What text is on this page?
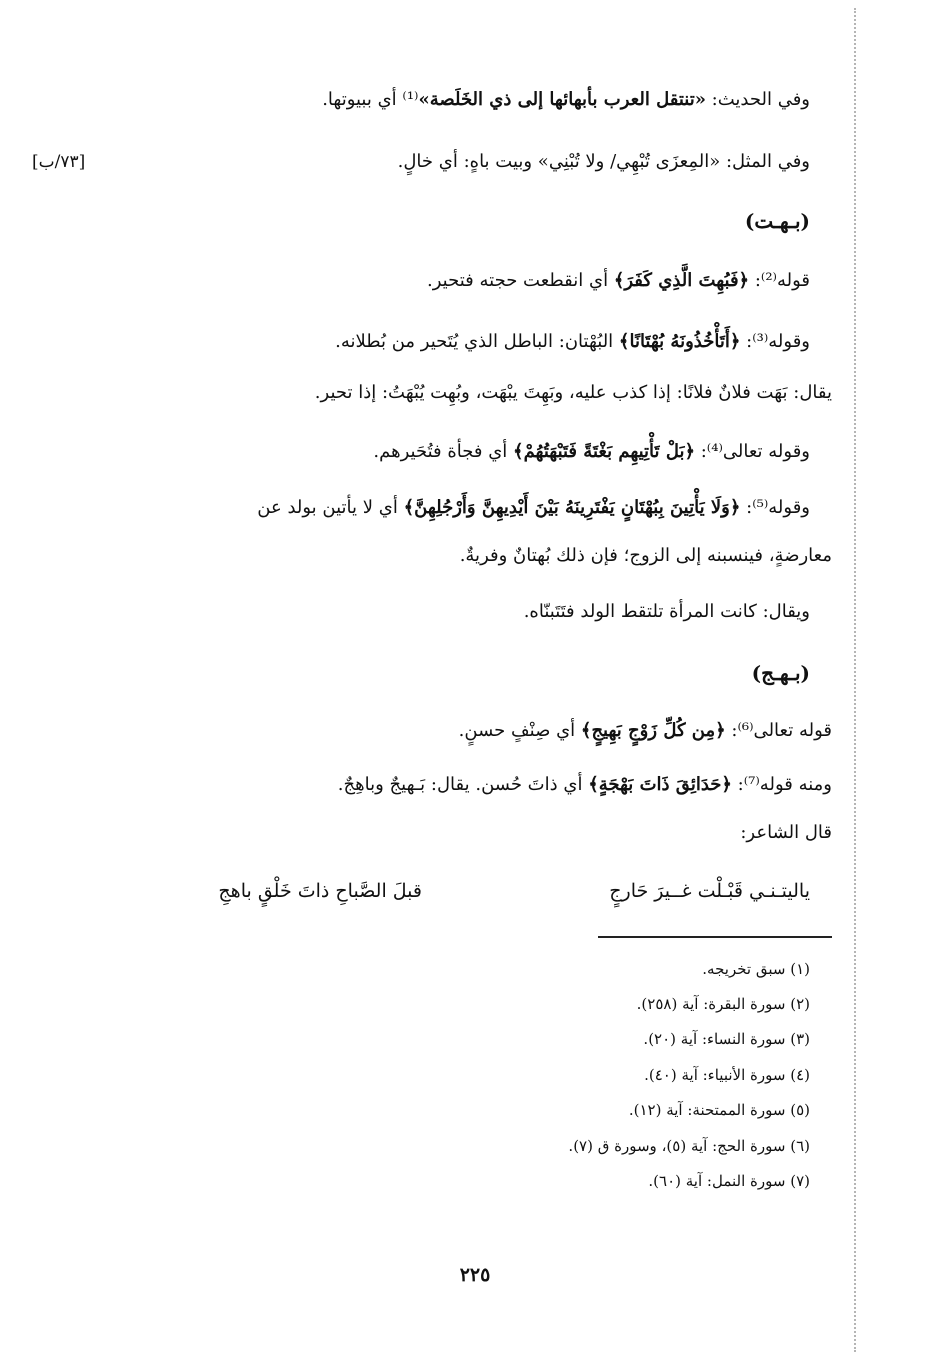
[٧٣/ب]
وفي الحديث: «تنتقل العرب بأبهائها إلى ذي الخَلَصة»⁽¹⁾ أي ببيوتها.
وفي المثل: «المِعزَى تُبْهِي/ ولا تُبْنِي» وبيت باهٍ: أي خالٍ.
(بـهـت)
قوله⁽²⁾: ﴿فَبُهِتَ الَّذِي كَفَرَ﴾ أي انقطعت حجته فتحير.
وقوله⁽³⁾: ﴿أَتَأْخُذُونَهُ بُهْتَانًا﴾ البُهْتان: الباطل الذي يُتَحير من بُطلانه.
يقال: بَهَت فلانٌ فلانًا: إذا كذب عليه، وبَهِتَ يبْهَت، وبُهِت يُبْهَتُ: إذا تحير.
وقوله تعالى⁽⁴⁾: ﴿بَلْ تَأْتِيهِم بَغْتَةً فَتَبْهَتُهُمْ﴾ أي فجأة فتُحَيرهم.
وقوله⁽⁵⁾: ﴿وَلَا يَأْتِينَ بِبُهْتَانٍ يَفْتَرِينَهُ بَيْنَ أَيْدِيهِنَّ وَأَرْجُلِهِنَّ﴾ أي لا يأتين بولد عن
معارضةٍ، فينسبنه إلى الزوج؛ فإن ذلك بُهتانٌ وفريةٌ.
ويقال: كانت المرأة تلتقط الولد فتَتَبنّاه.
(بـهـج)
قوله تعالى⁽⁶⁾: ﴿مِن كُلِّ زَوْجٍ بَهِيجٍ﴾ أي صِنْفٍ حسنٍ.
ومنه قوله⁽⁷⁾: ﴿حَدَائِقَ ذَاتَ بَهْجَةٍ﴾ أي ذاتَ حُسن. يقال: بَـهيجٌ وباهِجٌ.
قال الشاعر:
ياليتـنـي قَبْـلْت غــيرَ حَارجٍ
قبلَ الصَّباحِ ذاتَ خَلْقٍ باهجِ
(١) سبق تخريجه.
(٢) سورة البقرة: آية (٢٥٨).
(٣) سورة النساء: آية (٢٠).
(٤) سورة الأنبياء: آية (٤٠).
(٥) سورة الممتحنة: آية (١٢).
(٦) سورة الحج: آية (٥)، وسورة ق (٧).
(٧) سورة النمل: آية (٦٠).
٢٢٥
